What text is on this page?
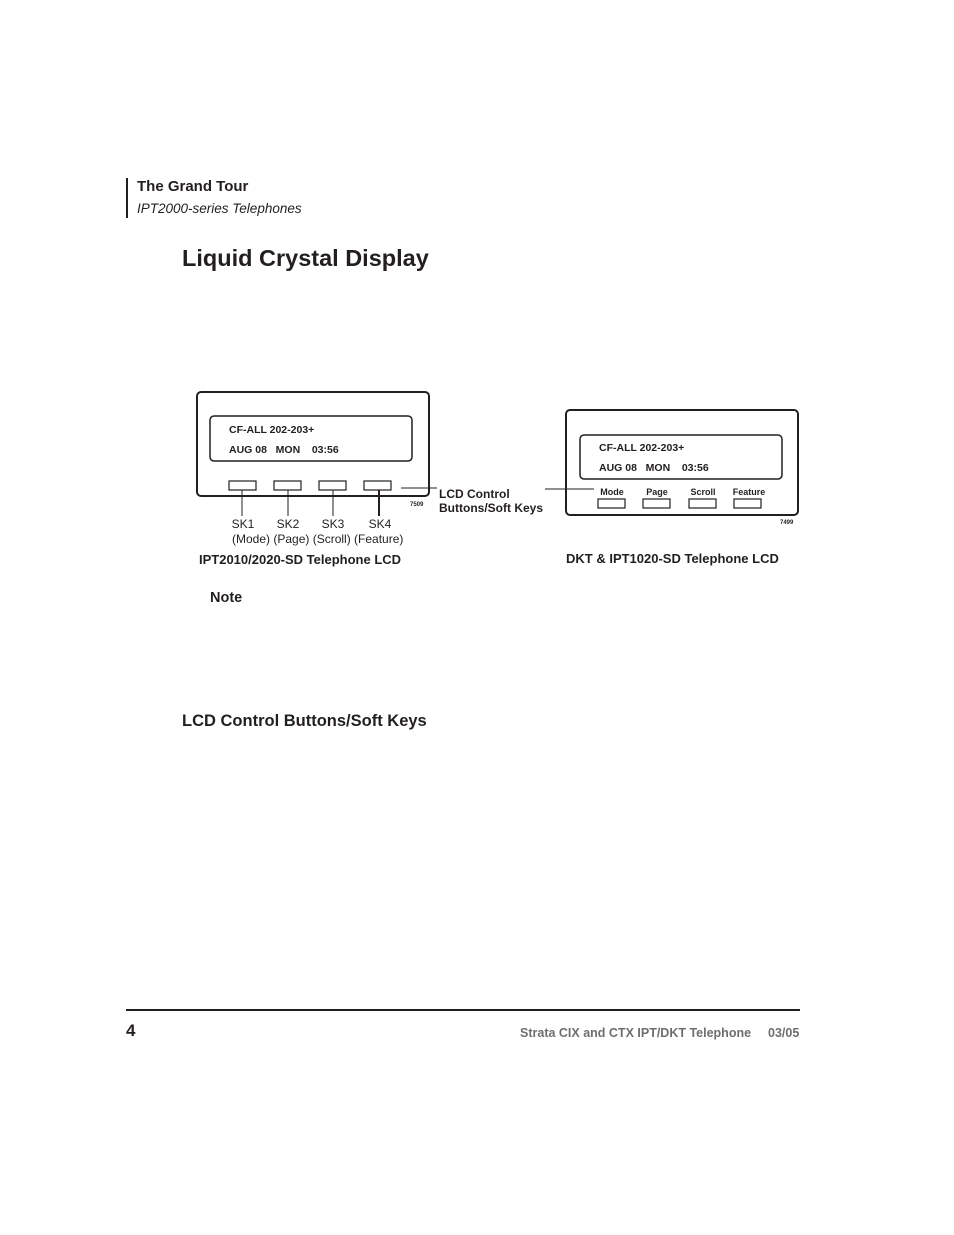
The Grand Tour
IPT2000-series Telephones
Liquid Crystal Display
CF-ALL 202-203+
AUG 08   MON    03:56
7509
LCD Control
Buttons/Soft Keys
SK1 SK2 SK3 SK4
(Mode) (Page) (Scroll) (Feature)
IPT2010/2020-SD Telephone LCD
CF-ALL 202-203+
AUG 08   MON    03:56
Mode Page	Scroll Feature
7499
DKT & IPT1020-SD Telephone LCD
Note
LCD Control Buttons/Soft Keys
4	Strata CIX and CTX IPT/DKT Telephone 03/05
